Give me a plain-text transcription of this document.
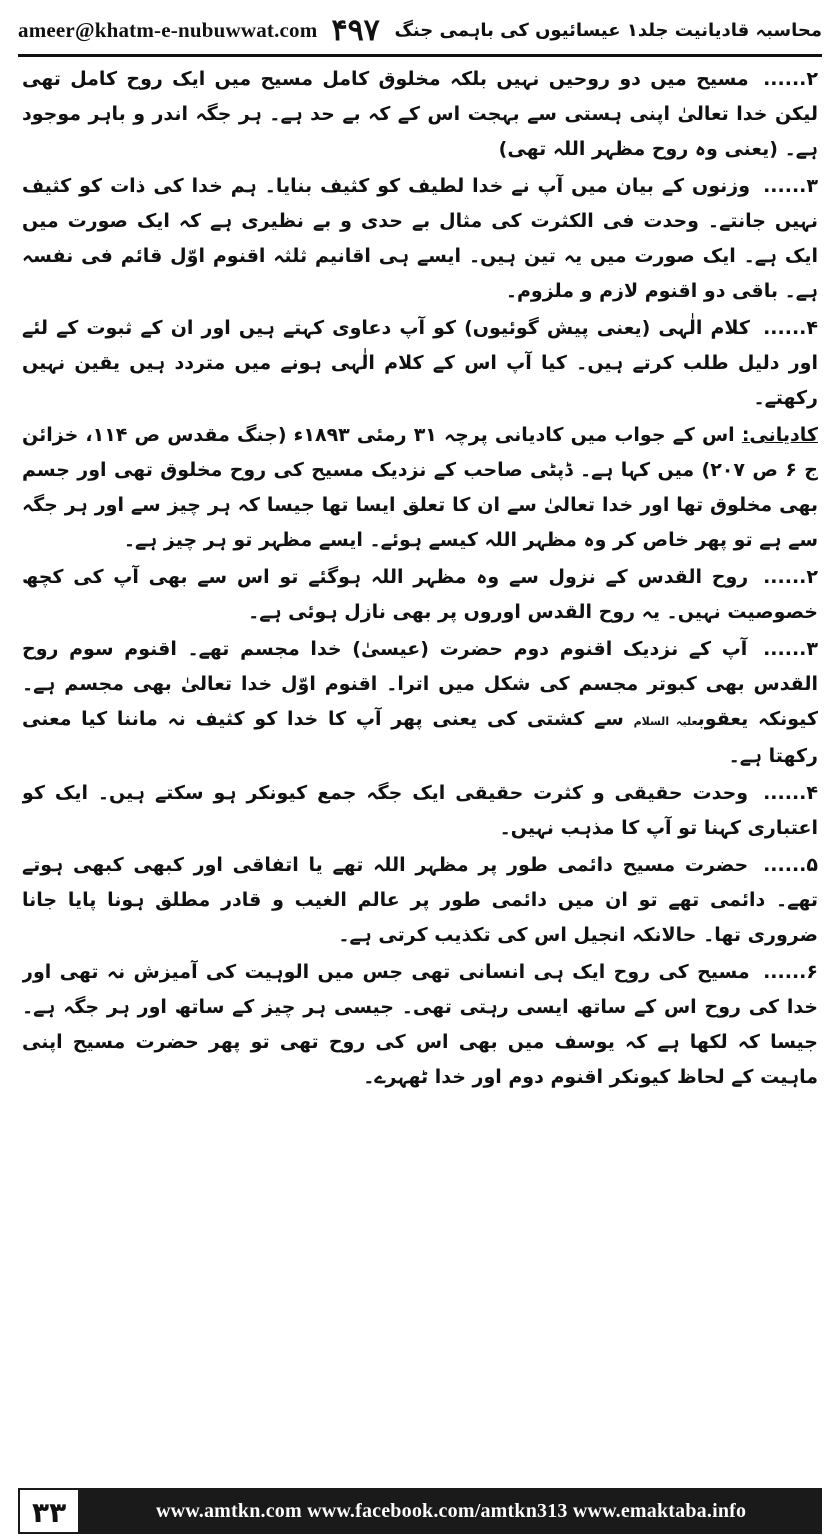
ameer@khatm-e-nubuwwat.com ۴۹۷ محاسبہ قادیانیت جلد۱ عیسائیوں کی باہمی جنگ

۲...... مسیح میں دو روحیں نہیں بلکہ مخلوق کامل مسیح میں ایک روح کامل تھی لیکن خدا تعالیٰ اپنی ہستی سے بہجت اس کے کہ بے حد ہے۔ ہر جگہ اندر و باہر موجود ہے۔ (یعنی وہ روح مظہر اللہ تھی)

۳...... وزنوں کے بیان میں آپ نے خدا لطیف کو کثیف بنایا۔ ہم خدا کی ذات کو کثیف نہیں جانتے۔ وحدت فی الکثرت کی مثال بے حدی و بے نظیری ہے کہ ایک صورت میں ایک ہے۔ ایک صورت میں یہ تین ہیں۔ ایسے ہی اقانیم ثلثہ اقنوم اوّل قائم فی نفسہ ہے۔ باقی دو اقنوم لازم و ملزوم۔

۴...... کلام الٰہی (یعنی پیش گوئیوں) کو آپ دعاوی کہتے ہیں اور ان کے ثبوت کے لئے اور دلیل طلب کرتے ہیں۔ کیا آپ اس کے کلام الٰہی ہونے میں متردد ہیں یقین نہیں رکھتے۔

کادیانی: اس کے جواب میں کادیانی پرچہ ۳۱ رمئی ۱۸۹۳ء (جنگ مقدس ص ۱۱۴، خزائن ج ۶ ص ۲۰۷) میں کہا ہے۔ ڈپٹی صاحب کے نزدیک مسیح کی روح مخلوق تھی اور جسم بھی مخلوق تھا اور خدا تعالیٰ سے ان کا تعلق ایسا تھا جیسا کہ ہر چیز سے اور ہر جگہ سے ہے تو پھر خاص کر وہ مظہر اللہ کیسے ہوئے۔ ایسے مظہر تو ہر چیز ہے۔

۲...... روح القدس کے نزول سے وہ مظہر اللہ ہوگئے تو اس سے بھی آپ کی کچھ خصوصیت نہیں۔ یہ روح القدس اوروں پر بھی نازل ہوئی ہے۔

۳...... آپ کے نزدیک اقنوم دوم حضرت (عیسیٰ) خدا مجسم تھے۔ اقنوم سوم روح القدس بھی کبوتر مجسم کی شکل میں اترا۔ اقنوم اوّل خدا تعالیٰ بھی مجسم ہے۔ کیونکہ یعقوبعلیہ السلام سے کشتی کی یعنی پھر آپ کا خدا کو کثیف نہ ماننا کیا معنی رکھتا ہے۔

۴...... وحدت حقیقی و کثرت حقیقی ایک جگہ جمع کیونکر ہو سکتے ہیں۔ ایک کو اعتباری کہنا تو آپ کا مذہب نہیں۔

۵...... حضرت مسیح دائمی طور پر مظہر اللہ تھے یا اتفاقی اور کبھی کبھی ہوتے تھے۔ دائمی تھے تو ان میں دائمی طور پر عالم الغیب و قادر مطلق ہونا پایا جانا ضروری تھا۔ حالانکہ انجیل اس کی تکذیب کرتی ہے۔

۶...... مسیح کی روح ایک ہی انسانی تھی جس میں الوہیت کی آمیزش نہ تھی اور خدا کی روح اس کے ساتھ ایسی رہتی تھی۔ جیسی ہر چیز کے ساتھ اور ہر جگہ ہے۔ جیسا کہ لکھا ہے کہ یوسف میں بھی اس کی روح تھی تو پھر حضرت مسیح اپنی ماہیت کے لحاظ کیونکر اقنوم دوم اور خدا ٹھہرے۔

۳۳	www.amtkn.com www.facebook.com/amtkn313 www.emaktaba.info
